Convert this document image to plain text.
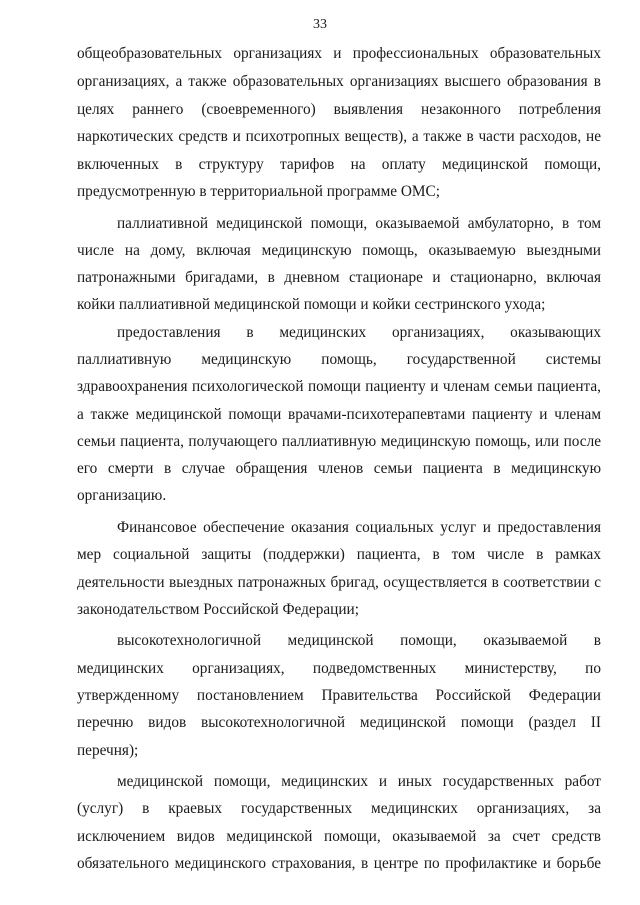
33
общеобразовательных организациях и профессиональных образовательных
организациях, а также образовательных организациях высшего образования в
целях раннего (своевременного) выявления незаконного потребления
наркотических средств и психотропных веществ), а также в части расходов, не
включенных в структуру тарифов на оплату медицинской помощи,
предусмотренную в территориальной программе ОМС;
паллиативной медицинской помощи, оказываемой амбулаторно, в том
числе на дому, включая медицинскую помощь, оказываемую выездными
патронажными бригадами, в дневном стационаре и стационарно, включая
койки паллиативной медицинской помощи и койки сестринского ухода;
предоставления в медицинских организациях, оказывающих
паллиативную медицинскую помощь, государственной системы
здравоохранения психологической помощи пациенту и членам семьи пациента,
а также медицинской помощи врачами-психотерапевтами пациенту и членам
семьи пациента, получающего паллиативную медицинскую помощь, или после
его смерти в случае обращения членов семьи пациента в медицинскую
организацию.
Финансовое обеспечение оказания социальных услуг и предоставления
мер социальной защиты (поддержки) пациента, в том числе в рамках
деятельности выездных патронажных бригад, осуществляется в соответствии с
законодательством Российской Федерации;
высокотехнологичной медицинской помощи, оказываемой в
медицинских организациях, подведомственных министерству, по
утвержденному постановлением Правительства Российской Федерации
перечню видов высокотехнологичной медицинской помощи (раздел II
перечня);
медицинской помощи, медицинских и иных государственных работ
(услуг) в краевых государственных медицинских организациях, за
исключением видов медицинской помощи, оказываемой за счет средств
обязательного медицинского страхования, в центре по профилактике и борьбе
